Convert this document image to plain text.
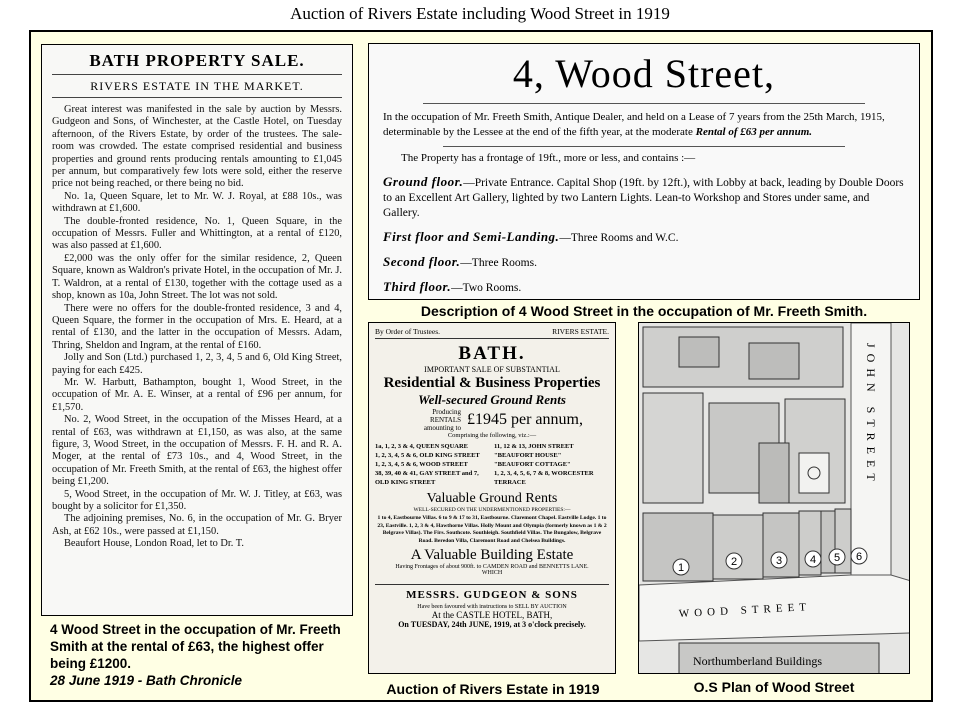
Auction of Rivers Estate including Wood Street in 1919
BATH PROPERTY SALE.
RIVERS ESTATE IN THE MARKET.

Great interest was manifested in the sale by auction by Messrs. Gudgeon and Sons, of Winchester, at the Castle Hotel, on Tuesday afternoon, of the Rivers Estate, by order of the trustees. The sale-room was crowded. The estate comprised residential and business properties and ground rents producing rentals amounting to £1,045 per annum, but comparatively few lots were sold, either the reserve price not being reached, or there being no bid.

No. 1a, Queen Square, let to Mr. W. J. Royal, at £88 10s., was withdrawn at £1,600.

The double-fronted residence, No. 1, Queen Square, in the occupation of Messrs. Fuller and Whittington, at a rental of £120, was also passed at £1,600.

£2,000 was the only offer for the similar residence, 2, Queen Square, known as Waldron's private Hotel, in the occupation of Mr. J. T. Waldron, at a rental of £130, together with the cottage used as a shop, known as 10a, John Street. The lot was not sold.

There were no offers for the double-fronted residence, 3 and 4, Queen Square, the former in the occupation of Mrs. E. Heard, at a rental of £130, and the latter in the occupation of Messrs. Adam, Thring, Sheldon and Ingram, at the rental of £160.

Jolly and Son (Ltd.) purchased 1, 2, 3, 4, 5 and 6, Old King Street, paying for each £425.

Mr. W. Harbutt, Bathampton, bought 1, Wood Street, in the occupation of Mr. A. E. Winser, at a rental of £96 per annum, for £1,570.

No. 2, Wood Street, in the occupation of the Misses Heard, at a rental of £63, was withdrawn at £1,150, as was also, at the same figure, 3, Wood Street, in the occupation of Messrs. F. H. and R. A. Moger, at the rental of £73 10s., and 4, Wood Street, in the occupation of Mr. Freeth Smith, at the rental of £63, the highest offer being £1,200.

5, Wood Street, in the occupation of Mr. W. J. Titley, at £63, was bought by a solicitor for £1,350.

The adjoining premises, No. 6, in the occupation of Mr. G. Bryer Ash, at £62 10s., were passed at £1,150.

Beaufort House, London Road, let to Dr. T.

4 Wood Street in the occupation of Mr. Freeth Smith at the rental of £63, the highest offer being £1200.
28 June 1919 - Bath Chronicle
4, Wood Street,
In the occupation of Mr. Freeth Smith, Antique Dealer, and held on a Lease of 7 years from the 25th March, 1915, determinable by the Lessee at the end of the fifth year, at the moderate Rental of £63 per annum.
The Property has a frontage of 19ft., more or less, and contains :—
Ground floor.—Private Entrance. Capital Shop (19ft. by 12ft.), with Lobby at back, leading by Double Doors to an Excellent Art Gallery, lighted by two Lantern Lights. Lean-to Workshop and Stores under same, and Gallery.
First floor and Semi-Landing.—Three Rooms and W.C.
Second floor.—Three Rooms.
Third floor.—Two Rooms.
Description of 4 Wood Street in the occupation of Mr. Freeth Smith.
By Order of Trustees.	RIVERS ESTATE.
BATH.
IMPORTANT SALE OF SUBSTANTIAL
Residential & Business Properties
Well-secured Ground Rents
Producing RENTALS amounting to £1945 per annum,
Comprising the following, viz.:—
1a, 1, 2, 3 & 4, QUEEN SQUARE
1, 2, 3, 4, 5 & 6, OLD KING STREET
1, 2, 3, 4, 5 & 6, WOOD STREET
38, 39, 40 & 41, GAY STREET and 7, OLD KING STREET
11, 12 & 13, JOHN STREET
"BEAUFORT HOUSE"
"BEAUFORT COTTAGE"
1, 2, 3, 4, 5, 6, 7 & 8, WORCESTER TERRACE
Valuable Ground Rents
WELL-SECURED ON THE UNDERMENTIONED PROPERTIES:—
1 to 4, Eastbourne Villas. 6 to 9 & 17 to 31, Eastbourne. Claremont Chapel. Eastville Lodge. 1 to 23, Eastville. 1, 2, 3 & 4, Hawthorne Villas. Holly Mount and Olympia (formerly known as 1 & 2 Belgrave Villas). The Firs. Southcote. Southleigh. Southfield Villas. The Bungalow, Belgrave Road. Beredon Villa, Claremont Road and Chelsea Buildings.
A Valuable Building Estate
Having Frontages of about 900ft. to CAMDEN ROAD and BENNETTS LANE.
WHICH
MESSRS. GUDGEON & SONS
Have been favoured with instructions to SELL BY AUCTION
At the CASTLE HOTEL, BATH,
On TUESDAY, 24th JUNE, 1919, at 3 o'clock precisely.
Auction of Rivers Estate in 1919
1	2	3	4 5 6
JOHN STREET
WOOD STREET
Northumberland Buildings
O.S Plan of Wood Street
